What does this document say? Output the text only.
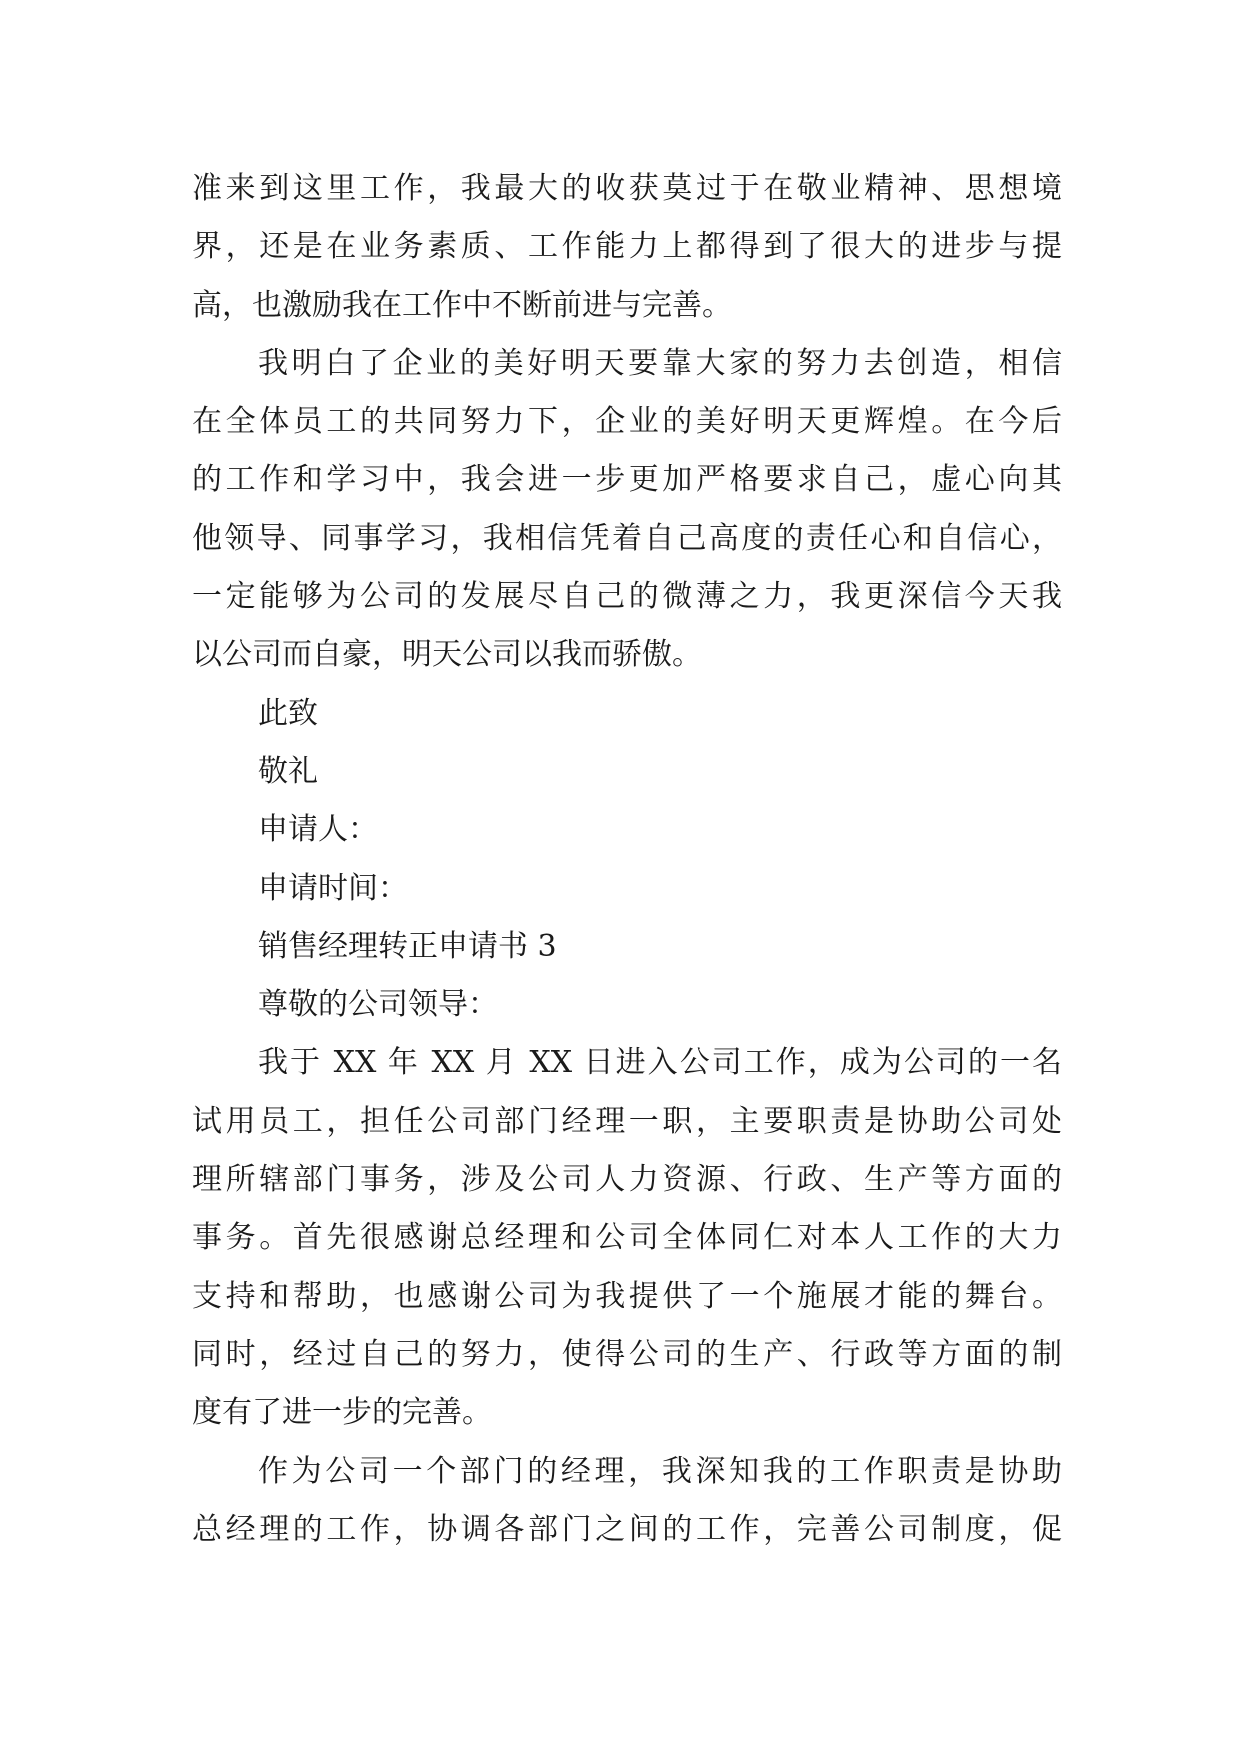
准来到这里工作，我最大的收获莫过于在敬业精神、思想境
界，还是在业务素质、工作能力上都得到了很大的进步与提
高，也激励我在工作中不断前进与完善。
我明白了企业的美好明天要靠大家的努力去创造，相信
在全体员工的共同努力下，企业的美好明天更辉煌。在今后
的工作和学习中，我会进一步更加严格要求自己，虚心向其
他领导、同事学习，我相信凭着自己高度的责任心和自信心，
一定能够为公司的发展尽自己的微薄之力，我更深信今天我
以公司而自豪，明天公司以我而骄傲。
此致
敬礼
申请人：
申请时间：
销售经理转正申请书 3
尊敬的公司领导：
我于 XX 年 XX 月 XX 日进入公司工作，成为公司的一名
试用员工，担任公司部门经理一职，主要职责是协助公司处
理所辖部门事务，涉及公司人力资源、行政、生产等方面的
事务。首先很感谢总经理和公司全体同仁对本人工作的大力
支持和帮助，也感谢公司为我提供了一个施展才能的舞台。
同时，经过自己的努力，使得公司的生产、行政等方面的制
度有了进一步的完善。
作为公司一个部门的经理，我深知我的工作职责是协助
总经理的工作，协调各部门之间的工作，完善公司制度，促
